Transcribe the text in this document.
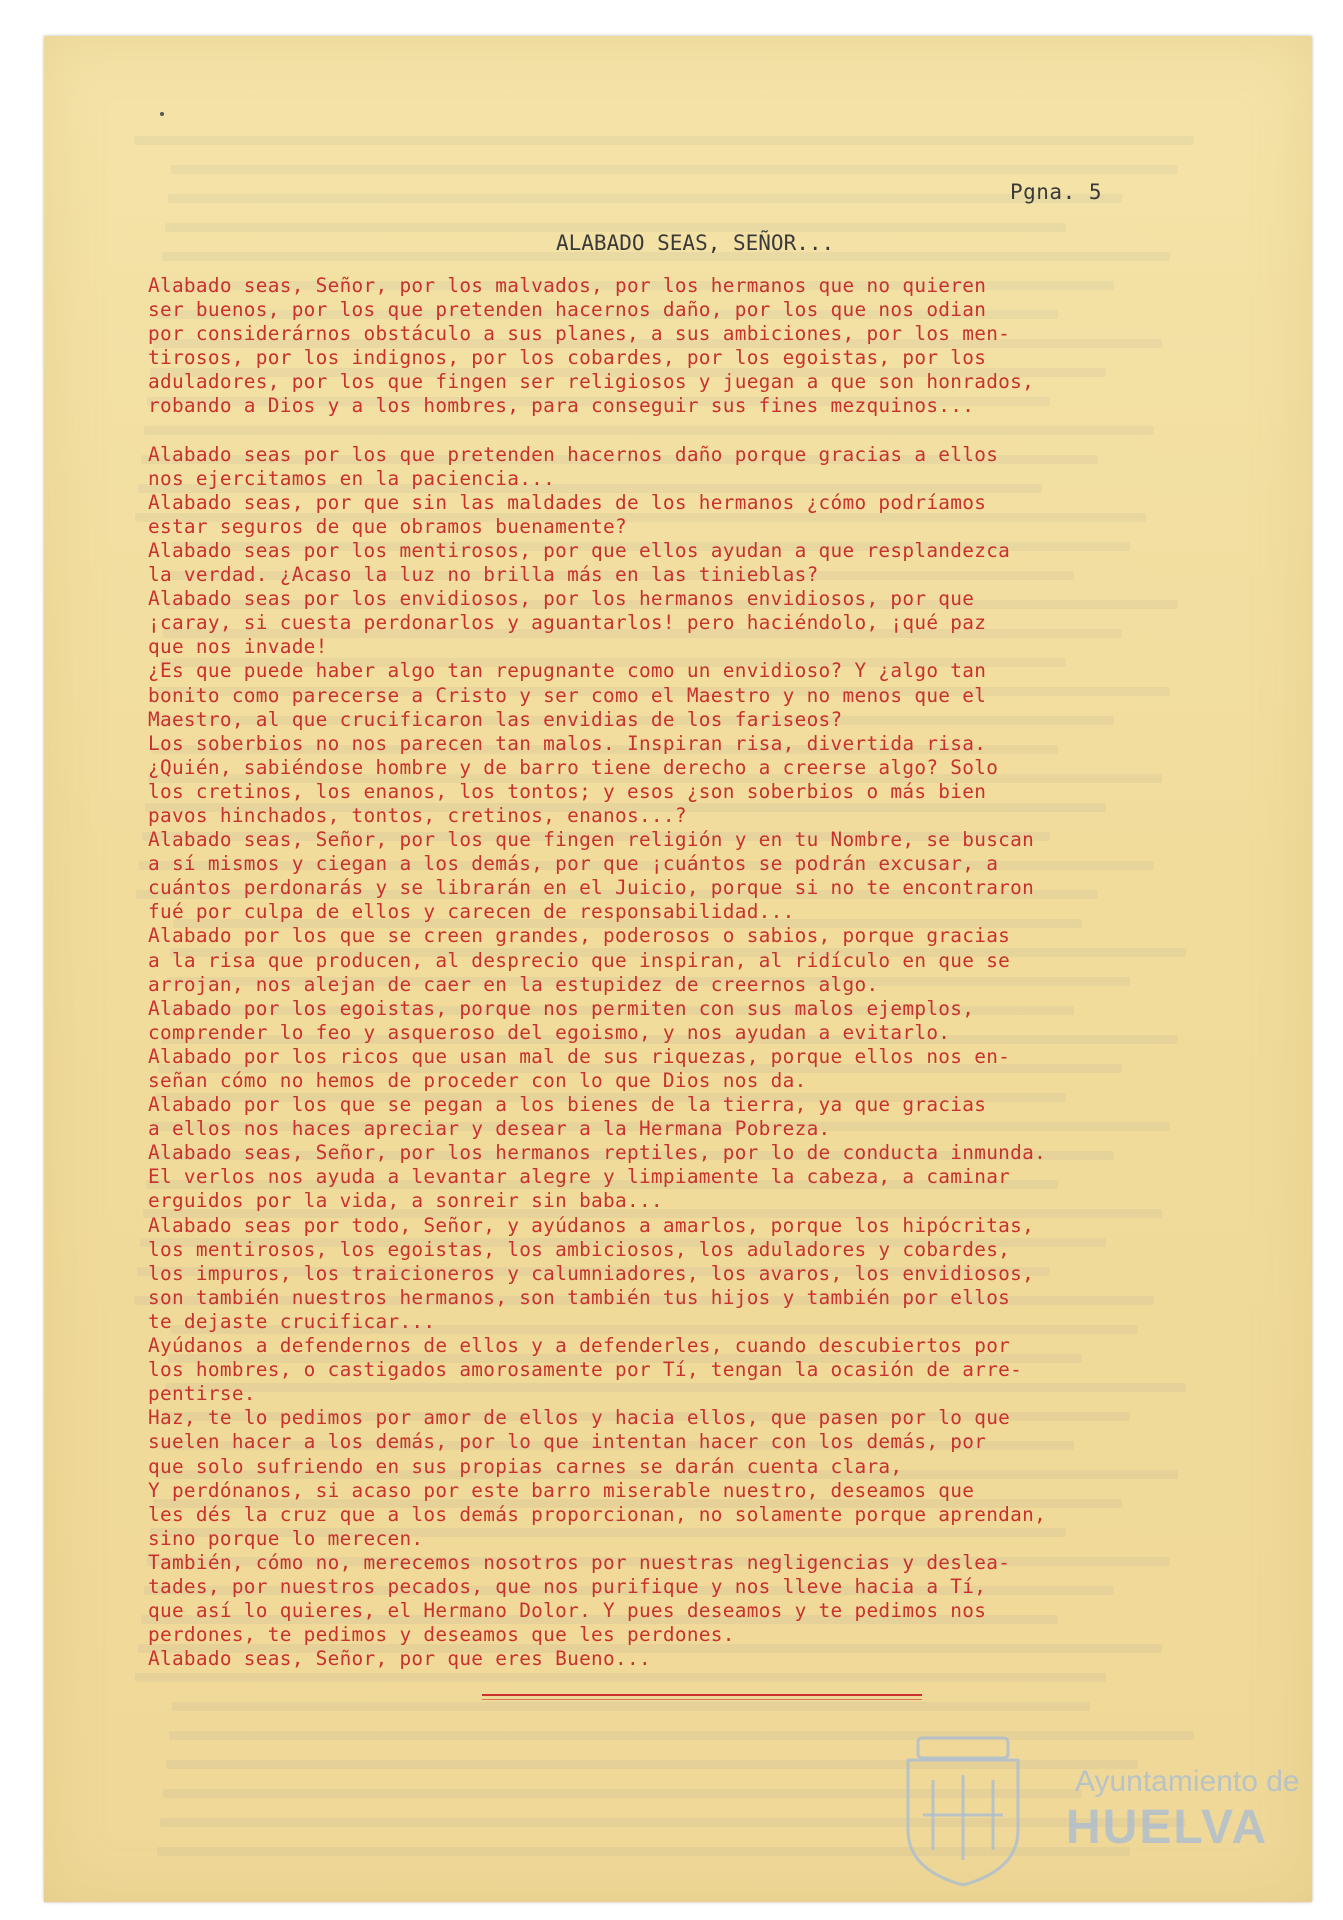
Pgna. 5
ALABADO SEAS, SEÑOR...
Alabado seas, Señor, por los malvados, por los hermanos que no quieren
ser buenos, por los que pretenden hacernos daño, por los que nos odian
por considerárnos obstáculo a sus planes, a sus ambiciones, por los men-
tirosos, por los indignos, por los cobardes, por los egoistas, por los
aduladores, por los que fingen ser religiosos y juegan a que son honrados,
robando a Dios y a los hombres, para conseguir sus fines mezquinos...
Alabado seas por los que pretenden hacernos daño porque gracias a ellos
nos ejercitamos en la paciencia...
Alabado seas, por que sin las maldades de los hermanos ¿cómo podríamos
estar seguros de que obramos buenamente?
Alabado seas por los mentirosos, por que ellos ayudan a que resplandezca
la verdad. ¿Acaso la luz no brilla más en las tinieblas?
Alabado seas por los envidiosos, por los hermanos envidiosos, por que
¡caray, si cuesta perdonarlos y aguantarlos! pero haciéndolo, ¡qué paz
que nos invade!
¿Es que puede haber algo tan repugnante como un envidioso? Y ¿algo tan
bonito como parecerse a Cristo y ser como el Maestro y no menos que el
Maestro, al que crucificaron las envidias de los fariseos?
Los soberbios no nos parecen tan malos. Inspiran risa, divertida risa.
¿Quién, sabiéndose hombre y de barro tiene derecho a creerse algo? Solo
los cretinos, los enanos, los tontos; y esos ¿son soberbios o más bien
pavos hinchados, tontos, cretinos, enanos...?
Alabado seas, Señor, por los que fingen religión y en tu Nombre, se buscan
a sí mismos y ciegan a los demás, por que ¡cuántos se podrán excusar, a
cuántos perdonarás y se librarán en el Juicio, porque si no te encontraron
fué por culpa de ellos y carecen de responsabilidad...
Alabado por los que se creen grandes, poderosos o sabios, porque gracias
a la risa que producen, al desprecio que inspiran, al ridículo en que se
arrojan, nos alejan de caer en la estupidez de creernos algo.
Alabado por los egoistas, porque nos permiten con sus malos ejemplos,
comprender lo feo y asqueroso del egoismo, y nos ayudan a evitarlo.
Alabado por los ricos que usan mal de sus riquezas, porque ellos nos en-
señan cómo no hemos de proceder con lo que Dios nos da.
Alabado por los que se pegan a los bienes de la tierra, ya que gracias
a ellos nos haces apreciar y desear a la Hermana Pobreza.
Alabado seas, Señor, por los hermanos reptiles, por lo de conducta inmunda.
El verlos nos ayuda a levantar alegre y limpiamente la cabeza, a caminar
erguidos por la vida, a sonreir sin baba...
Alabado seas por todo, Señor, y ayúdanos a amarlos, porque los hipócritas,
los mentirosos, los egoistas, los ambiciosos, los aduladores y cobardes,
los impuros, los traicioneros y calumniadores, los avaros, los envidiosos,
son también nuestros hermanos, son también tus hijos y también por ellos
te dejaste crucificar...
Ayúdanos a defendernos de ellos y a defenderles, cuando descubiertos por
los hombres, o castigados amorosamente por Tí, tengan la ocasión de arre-
pentirse.
Haz, te lo pedimos por amor de ellos y hacia ellos, que pasen por lo que
suelen hacer a los demás, por lo que intentan hacer con los demás, por
que solo sufriendo en sus propias carnes se darán cuenta clara,
Y perdónanos, si acaso por este barro miserable nuestro, deseamos que
les dés la cruz que a los demás proporcionan, no solamente porque aprendan,
sino porque lo merecen.
También, cómo no, merecemos nosotros por nuestras negligencias y deslea-
tades, por nuestros pecados, que nos purifique y nos lleve hacia a Tí,
que así lo quieres, el Hermano Dolor. Y pues deseamos y te pedimos nos
perdones, te pedimos y deseamos que les perdones.
Alabado seas, Señor, por que eres Bueno...
Ayuntamiento de
HUELVA
